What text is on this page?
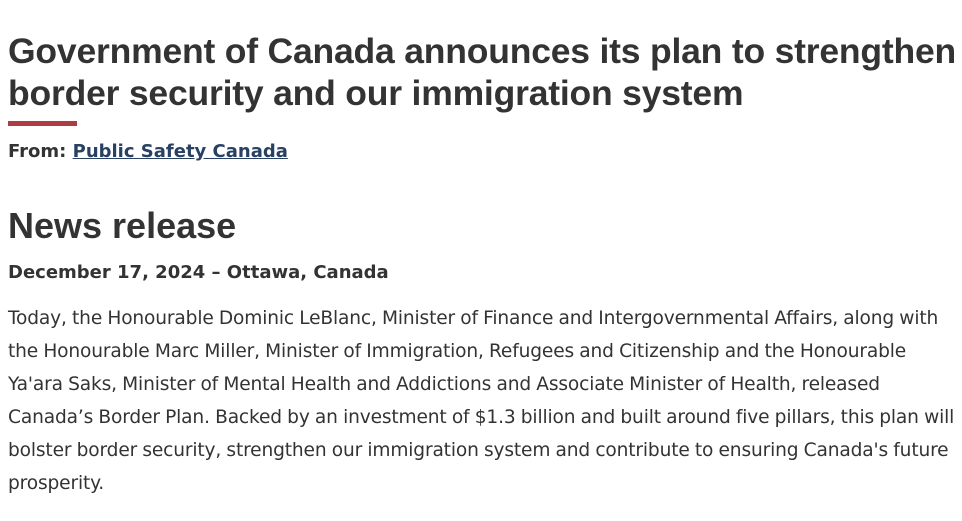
Government of Canada announces its plan to strengthen border security and our immigration system
From: Public Safety Canada
News release
December 17, 2024 – Ottawa, Canada

Today, the Honourable Dominic LeBlanc, Minister of Finance and Intergovernmental Affairs, along with the Honourable Marc Miller, Minister of Immigration, Refugees and Citizenship and the Honourable Ya'ara Saks, Minister of Mental Health and Addictions and Associate Minister of Health, released Canada’s Border Plan. Backed by an investment of $1.3 billion and built around five pillars, this plan will bolster border security, strengthen our immigration system and contribute to ensuring Canada's future prosperity.
